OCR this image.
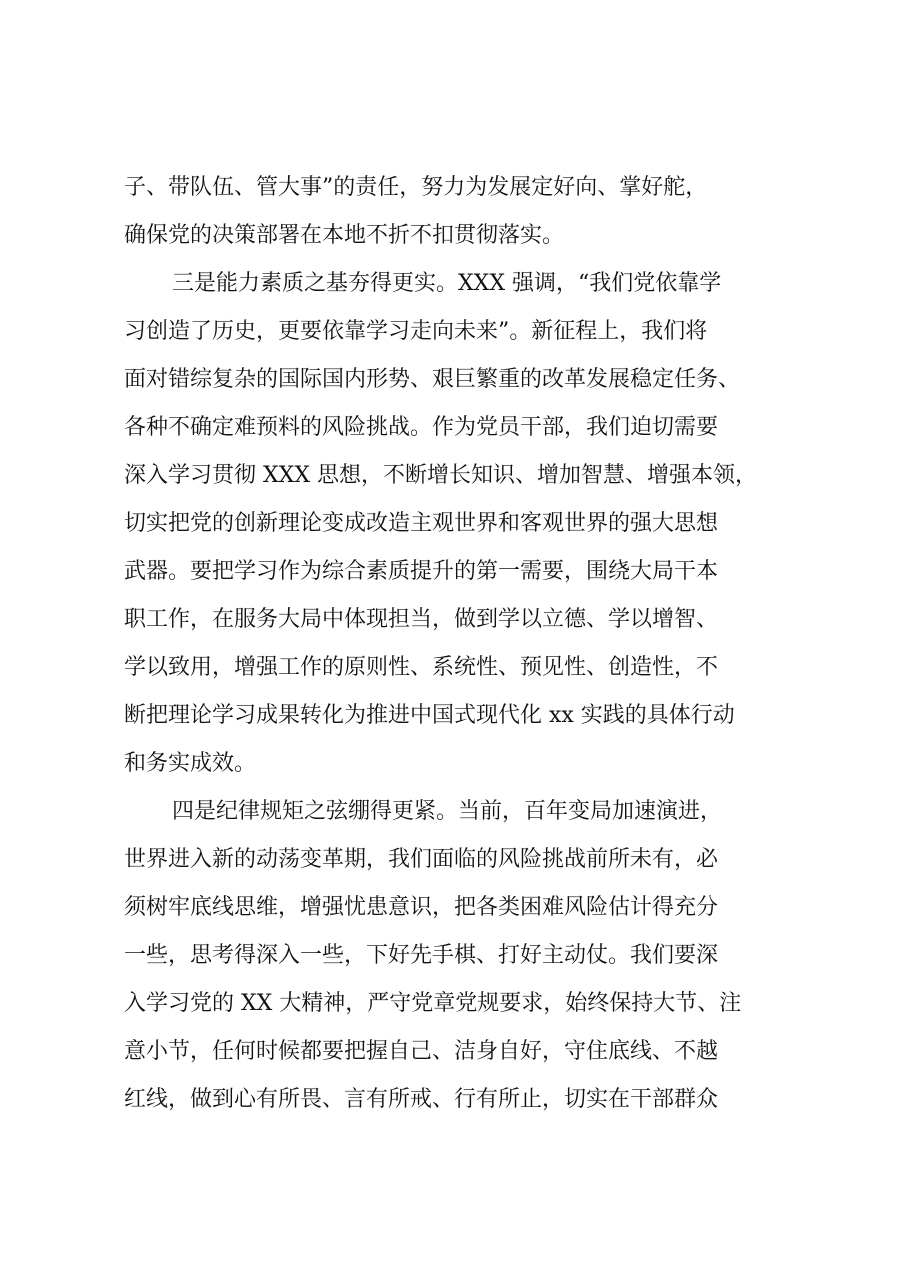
子、带队伍、管大事”的责任，努力为发展定好向、掌好舵，

确保党的决策部署在本地不折不扣贯彻落实。

三是能力素质之基夯得更实。XXX 强调，“我们党依靠学

习创造了历史，更要依靠学习走向未来”。新征程上，我们将

面对错综复杂的国际国内形势、艰巨繁重的改革发展稳定任务、

各种不确定难预料的风险挑战。作为党员干部，我们迫切需要

深入学习贯彻 XXX 思想，不断增长知识、增加智慧、增强本领，

切实把党的创新理论变成改造主观世界和客观世界的强大思想

武器。要把学习作为综合素质提升的第一需要，围绕大局干本

职工作，在服务大局中体现担当，做到学以立德、学以增智、

学以致用，增强工作的原则性、系统性、预见性、创造性，不

断把理论学习成果转化为推进中国式现代化 xx 实践的具体行动

和务实成效。

四是纪律规矩之弦绷得更紧。当前，百年变局加速演进，

世界进入新的动荡变革期，我们面临的风险挑战前所未有，必

须树牢底线思维，增强忧患意识，把各类困难风险估计得充分

一些，思考得深入一些，下好先手棋、打好主动仗。我们要深

入学习党的 XX 大精神，严守党章党规要求，始终保持大节、注

意小节，任何时候都要把握自己、洁身自好，守住底线、不越

红线，做到心有所畏、言有所戒、行有所止，切实在干部群众
